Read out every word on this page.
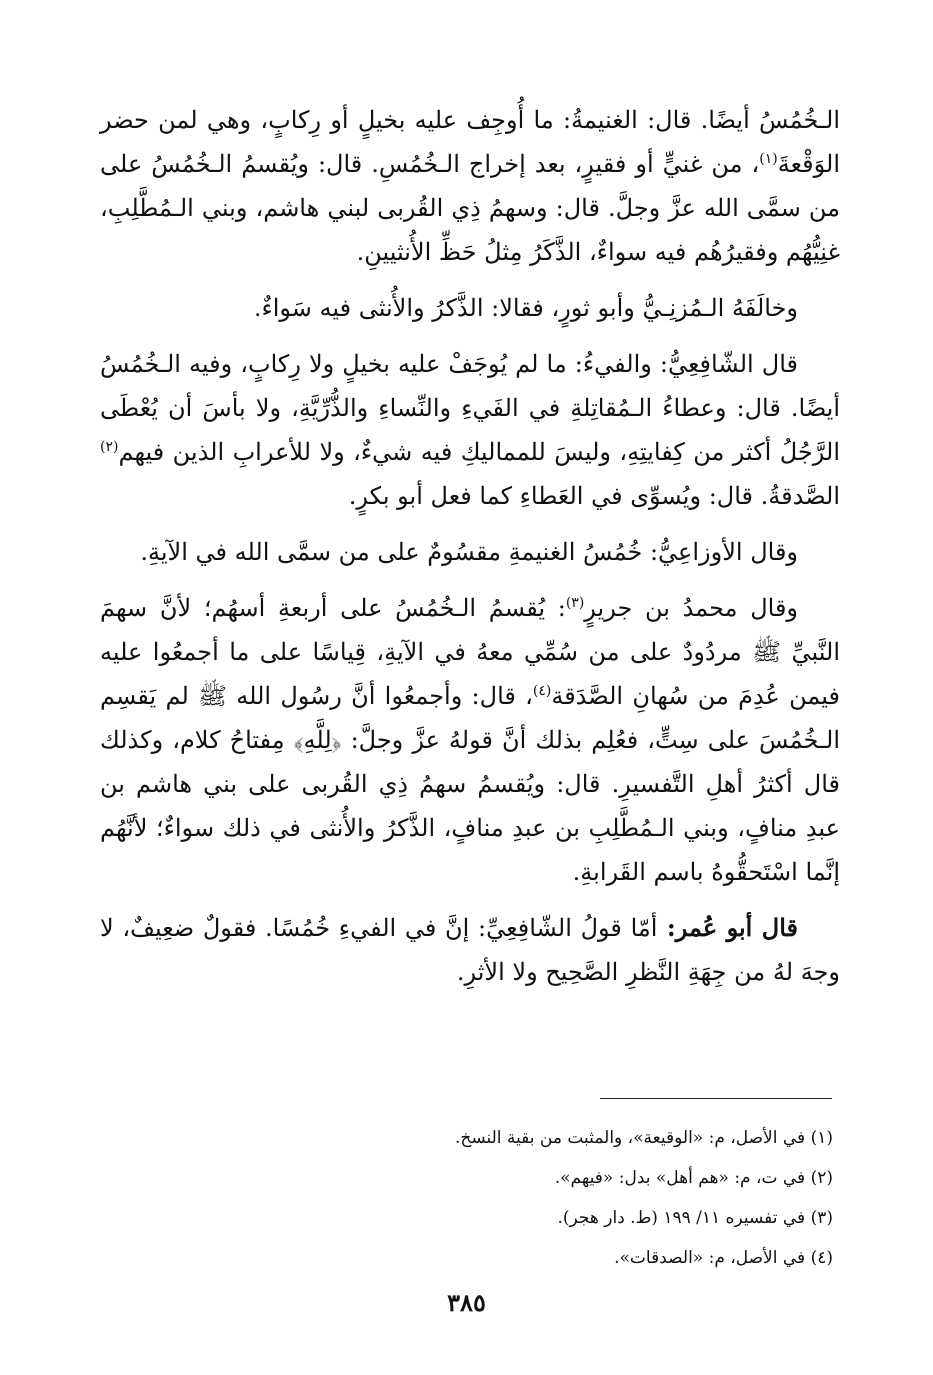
الـخُمُسُ أيضًا. قال: الغنيمةُ: ما أُوجِف عليه بخيلٍ أو رِكابٍ، وهي لمن حضر الوَقْعةَ$^{(١)}$، من غنيٍّ أو فقيرٍ، بعد إخراج الـخُمُسِ. قال: ويُقسمُ الـخُمُسُ على من سمَّى الله عزَّ وجلَّ. قال: وسهمُ ذِي القُربى لبني هاشم، وبني الـمُطَّلِبِ، غنِيُّهُم وفقيرُهُم فيه سواءٌ، الذَّكَرُ مِثلُ حَظِّ الأُنثيينِ.

وخالَفَهُ الـمُزنِـيُّ وأبو ثورٍ، فقالا: الذَّكرُ والأُنثى فيه سَواءٌ.

قال الشّافِعِيُّ: والفيءُ: ما لم يُوجَفْ عليه بخيلٍ ولا رِكابٍ، وفيه الـخُمُسُ أيضًا. قال: وعطاءُ الـمُقاتِلةِ في الفَيءِ والنِّساءِ والذُّرِّيَّةِ، ولا بأسَ أن يُعْطَى الرَّجُلُ أكثر من كِفايتِهِ، وليسَ للمماليكِ فيه شيءٌ، ولا للأعرابِ الذين فيهم$^{(٢)}$ الصَّدقةُ. قال: ويُسوِّى في العَطاءِ كما فعل أبو بكرٍ.

وقال الأوزاعِيُّ: خُمُسُ الغنيمةِ مقسُومٌ على من سمَّى الله في الآيةِ.

وقال محمدُ بن جريرٍ$^{(٣)}$: يُقسمُ الـخُمُسُ على أربعةِ أسهُم؛ لأنَّ سهمَ النَّبيِّ ﷺ مردُودٌ على من سُمِّي معهُ في الآيةِ، قِياسًا على ما أجمعُوا عليه فيمن عُدِمَ من سُهانِ الصَّدَقة$^{(٤)}$، قال: وأجمعُوا أنَّ رسُول الله ﷺ لم يَقسِم الـخُمُسَ على سِتٍّ، فعُلِم بذلك أنَّ قولهُ عزَّ وجلَّ: ﴿لِلَّهِ﴾ مِفتاحُ كلام، وكذلك قال أكثرُ أهلِ التَّفسيرِ. قال: ويُقسمُ سهمُ ذِي القُربى على بني هاشم بن عبدِ منافٍ، وبني الـمُطَّلِبِ بن عبدِ منافٍ، الذَّكرُ والأُنثى في ذلك سواءٌ؛ لأنَّهُم إنَّما اسْتَحقُّوهُ باسم القَرابةِ.

قال أبو عُمر: أمّا قولُ الشّافِعِيِّ: إنَّ في الفيءِ خُمُسًا. فقولٌ ضعِيفٌ، لا وجهَ لهُ من جِهَةِ النَّظرِ الصَّحِيح ولا الأثرِ.

(١) في الأصل، م: «الوقيعة»، والمثبت من بقية النسخ.

(٢) في ت، م: «هم أهل» بدل: «فيهم».

(٣) في تفسيره ١١/ ١٩٩ (ط. دار هجر).

(٤) في الأصل، م: «الصدقات».

٣٨٥
